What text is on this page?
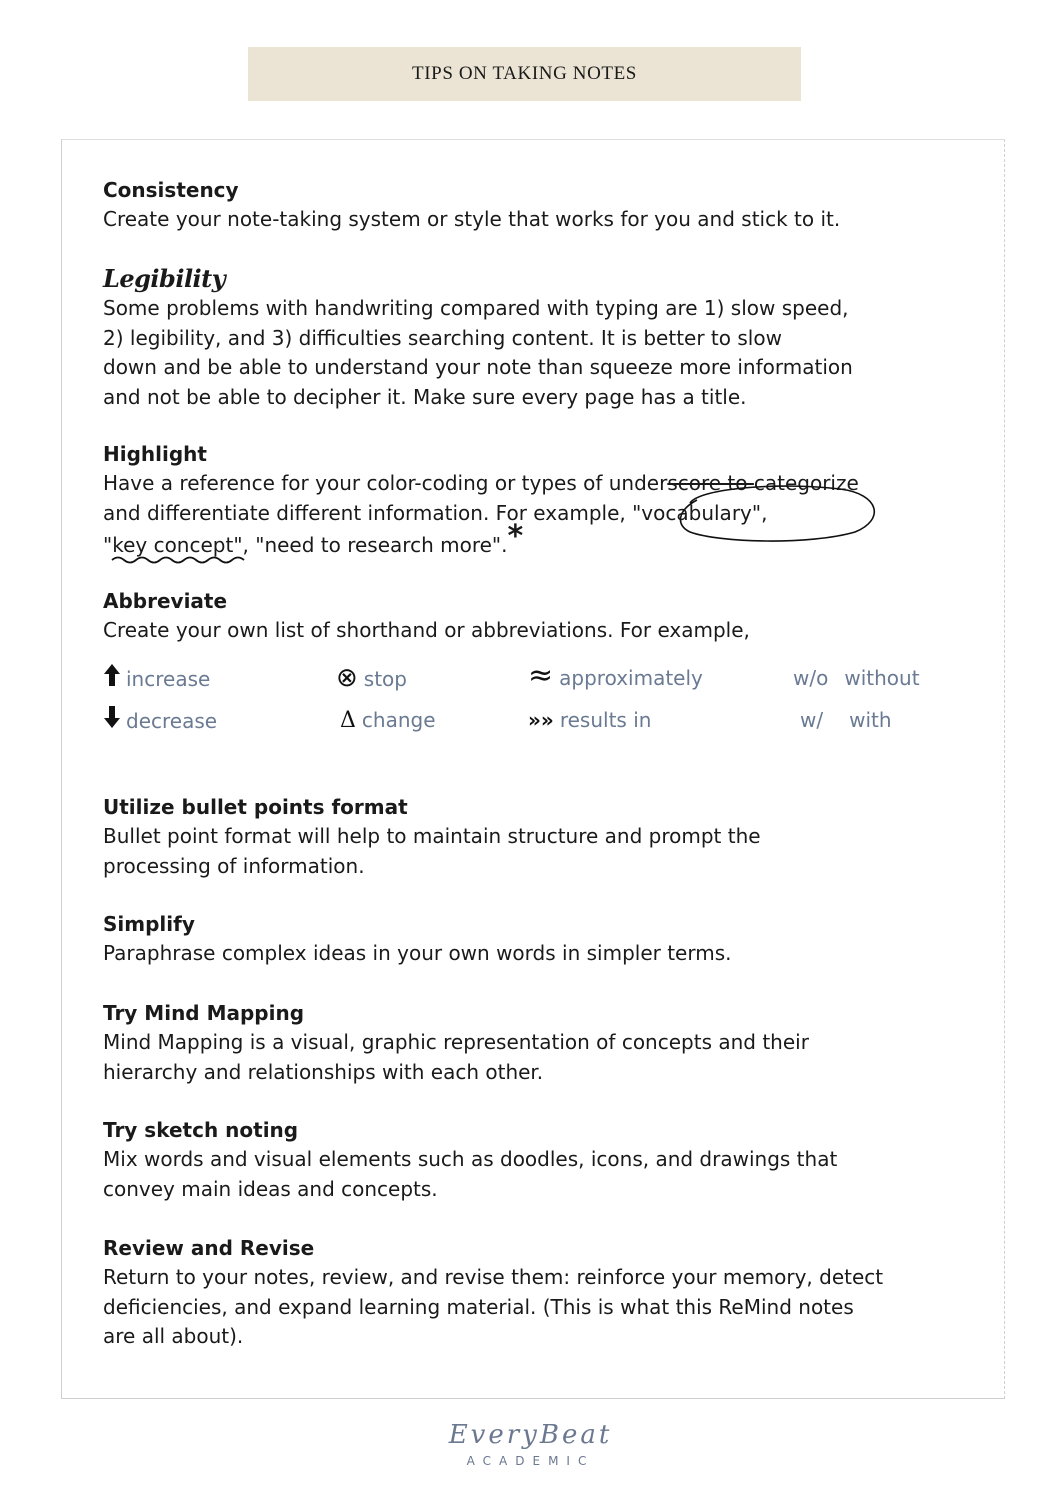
TIPS ON TAKING NOTES
Consistency
Create your note-taking system or style that works for you and stick to it.
Legibility
Some problems with handwriting compared with typing are 1) slow speed,
2) legibility, and 3) difficulties searching content. It is better to slow
down and be able to understand your note than squeeze more information
and not be able to decipher it. Make sure every page has a title.
Highlight
Have a reference for your color-coding or types of underscore to categorize
and differentiate different information. For example, "vocabulary",
"key concept", "need to research more".*
Abbreviate
Create your own list of shorthand or abbreviations. For example,
increase
decrease
⊗ stop
Δ change
≈ approximately
»» results in
w/o without
w/ with
Utilize bullet points format
Bullet point format will help to maintain structure and prompt the
processing of information.
Simplify
Paraphrase complex ideas in your own words in simpler terms.
Try Mind Mapping
Mind Mapping is a visual, graphic representation of concepts and their
hierarchy and relationships with each other.
Try sketch noting
Mix words and visual elements such as doodles, icons, and drawings that
convey main ideas and concepts.
Review and Revise
Return to your notes, review, and revise them: reinforce your memory, detect
deficiencies, and expand learning material. (This is what this ReMind notes
are all about).
EveryBeat
ACADEMIC
